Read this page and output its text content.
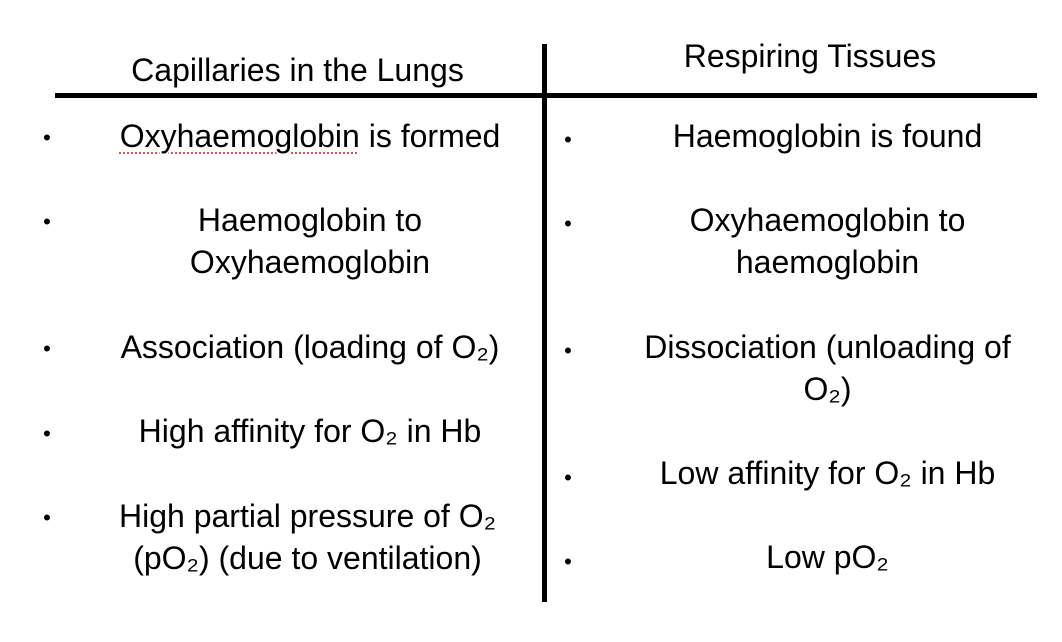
Capillaries in the Lungs	Respiring Tissues
•
Oxyhaemoglobin is formed
•
Haemoglobin to
Oxyhaemoglobin
•
Association (loading of O₂)
•
High affinity for O₂ in Hb
•
High partial pressure of O₂
(pO₂) (due to ventilation)
•
Haemoglobin is found
•
Oxyhaemoglobin to
haemoglobin
•
Dissociation (unloading of
O₂)
•
Low affinity for O₂ in Hb
•
Low pO₂
